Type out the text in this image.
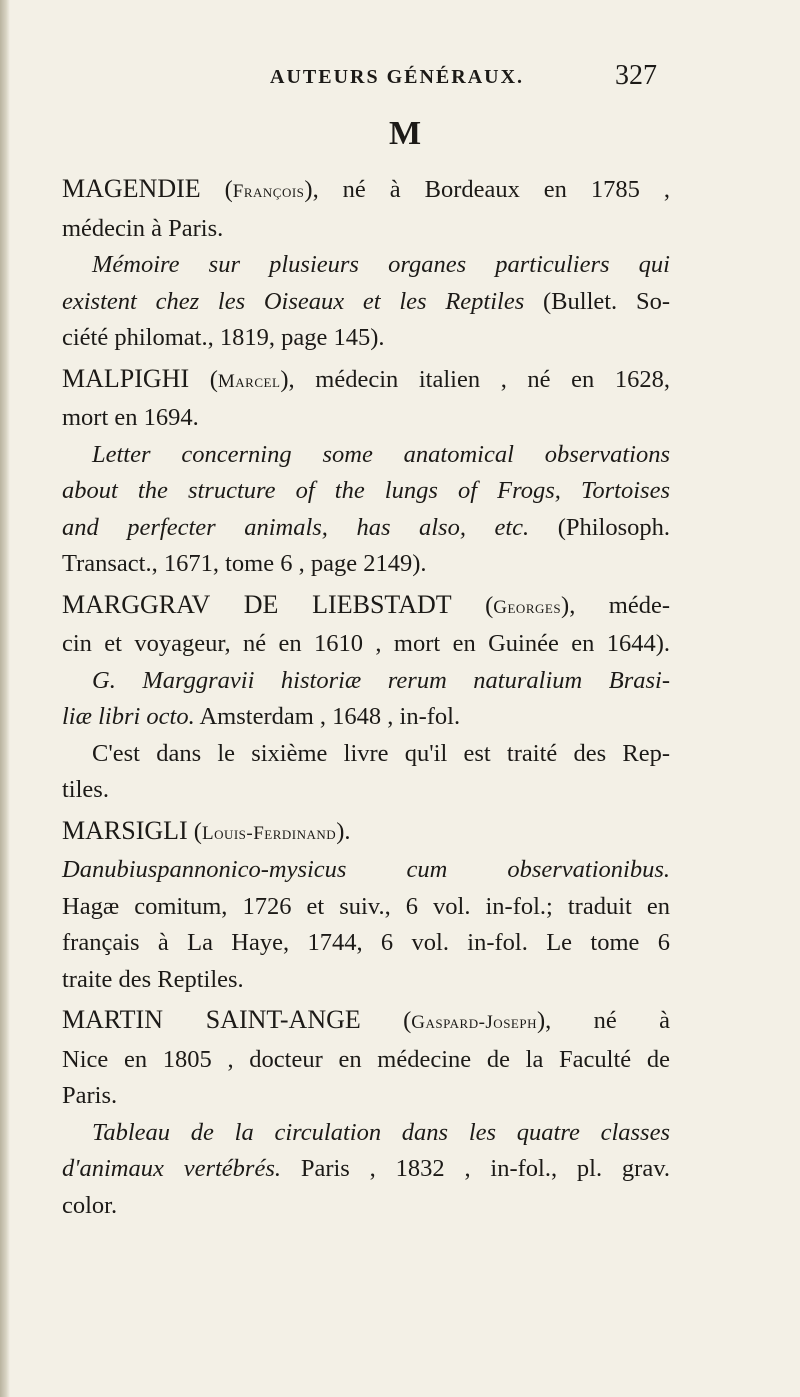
AUTEURS GÉNÉRAUX.	327
M
MAGENDIE (François), né à Bordeaux en 1785 ,
médecin à Paris.
Mémoire sur plusieurs organes particuliers qui
existent chez les Oiseaux et les Reptiles (Bullet. So-
ciété philomat., 1819, page 145).
MALPIGHI (Marcel), médecin italien , né en 1628,
mort en 1694.
Letter concerning some anatomical observations
about the structure of the lungs of Frogs, Tortoises
and perfecter animals, has also, etc. (Philosoph.
Transact., 1671, tome 6 , page 2149).
MARGGRAV DE LIEBSTADT (Georges), méde-
cin et voyageur, né en 1610 , mort en Guinée en 1644).
G. Marggravii historiæ rerum naturalium Brasi-
liæ libri octo. Amsterdam , 1648 , in-fol.
C'est dans le sixième livre qu'il est traité des Rep-
tiles.
MARSIGLI (Louis-Ferdinand).
Danubiuspannonico-mysicus cum observationibus.
Hagæ comitum, 1726 et suiv., 6 vol. in-fol.; traduit en
français à La Haye, 1744, 6 vol. in-fol. Le tome 6
traite des Reptiles.
MARTIN SAINT-ANGE (Gaspard-Joseph), né à
Nice en 1805 , docteur en médecine de la Faculté de
Paris.
Tableau de la circulation dans les quatre classes
d'animaux vertébrés. Paris , 1832 , in-fol., pl. grav.
color.
